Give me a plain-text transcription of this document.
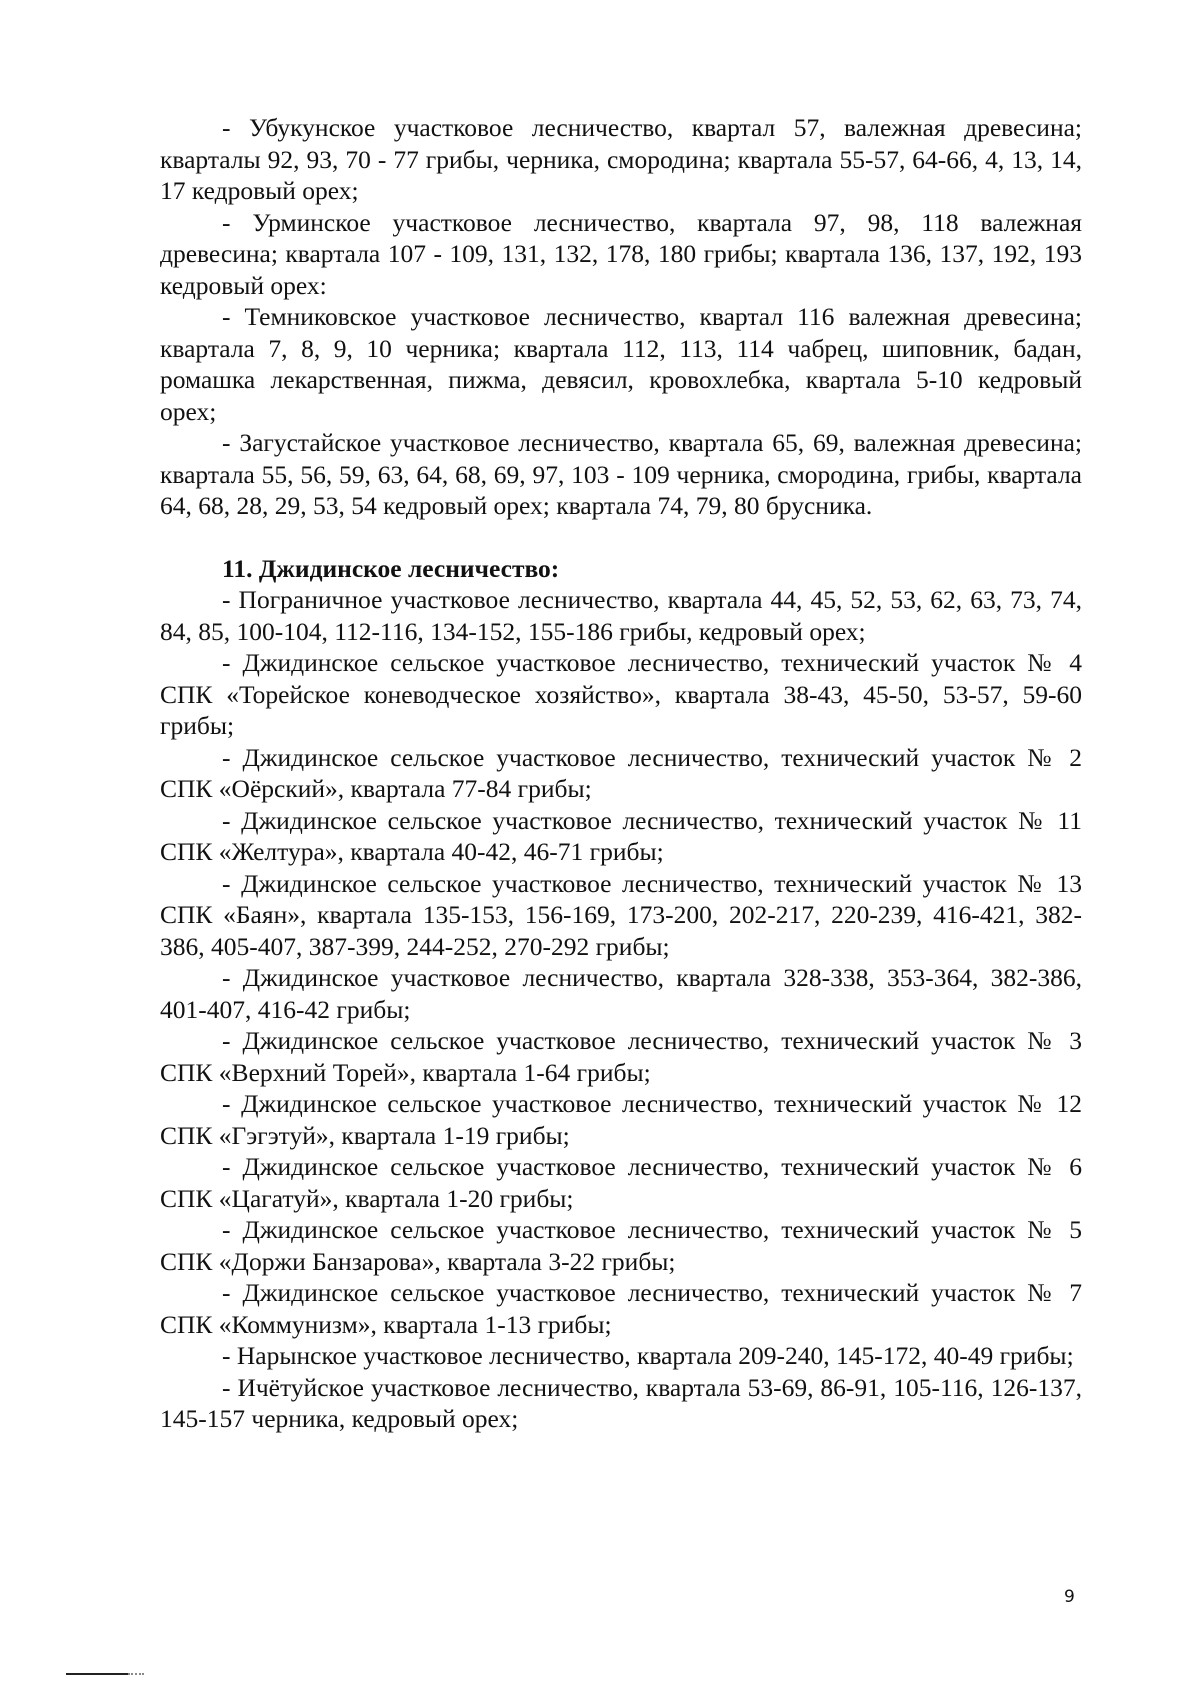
- Убукунское участковое лесничество, квартал 57, валежная древесина; кварталы 92, 93, 70 - 77 грибы, черника, смородина; квартала 55-57, 64-66, 4, 13, 14, 17 кедровый орех;

- Урминское участковое лесничество, квартала 97, 98, 118 валежная древесина; квартала 107 - 109, 131, 132, 178, 180 грибы; квартала 136, 137, 192, 193 кедровый орех:

- Темниковское участковое лесничество, квартал 116 валежная древесина; квартала 7, 8, 9, 10 черника; квартала 112, 113, 114 чабрец, шиповник, бадан, ромашка лекарственная, пижма, девясил, кровохлебка, квартала 5-10 кедровый орех;

- Загустайское участковое лесничество, квартала 65, 69, валежная древесина; квартала 55, 56, 59, 63, 64, 68, 69, 97, 103 - 109 черника, смородина, грибы, квартала 64, 68, 28, 29, 53, 54 кедровый орех; квартала 74, 79, 80 брусника.

11. Джидинское лесничество:

- Пограничное участковое лесничество, квартала 44, 45, 52, 53, 62, 63, 73, 74, 84, 85, 100-104, 112-116, 134-152, 155-186 грибы, кедровый орех;

- Джидинское сельское участковое лесничество, технический участок № 4 СПК «Торейское коневодческое хозяйство», квартала 38-43, 45-50, 53-57, 59-60 грибы;

- Джидинское сельское участковое лесничество, технический участок № 2 СПК «Оёрский», квартала 77-84 грибы;

- Джидинское сельское участковое лесничество, технический участок № 11 СПК «Желтура», квартала 40-42, 46-71 грибы;

- Джидинское сельское участковое лесничество, технический участок № 13 СПК «Баян», квартала 135-153, 156-169, 173-200, 202-217, 220-239, 416-421, 382-386, 405-407, 387-399, 244-252, 270-292 грибы;

- Джидинское участковое лесничество, квартала 328-338, 353-364, 382-386, 401-407, 416-42 грибы;

- Джидинское сельское участковое лесничество, технический участок № 3 СПК «Верхний Торей», квартала 1-64 грибы;

- Джидинское сельское участковое лесничество, технический участок № 12 СПК «Гэгэтуй», квартала 1-19 грибы;

- Джидинское сельское участковое лесничество, технический участок № 6 СПК «Цагатуй», квартала 1-20 грибы;

- Джидинское сельское участковое лесничество, технический участок № 5 СПК «Доржи Банзарова», квартала 3-22 грибы;

- Джидинское сельское участковое лесничество, технический участок № 7 СПК «Коммунизм», квартала 1-13 грибы;

- Нарынское участковое лесничество, квартала 209-240, 145-172, 40-49 грибы;

- Ичётуйское участковое лесничество, квартала 53-69, 86-91, 105-116, 126-137, 145-157 черника, кедровый орех;

9
